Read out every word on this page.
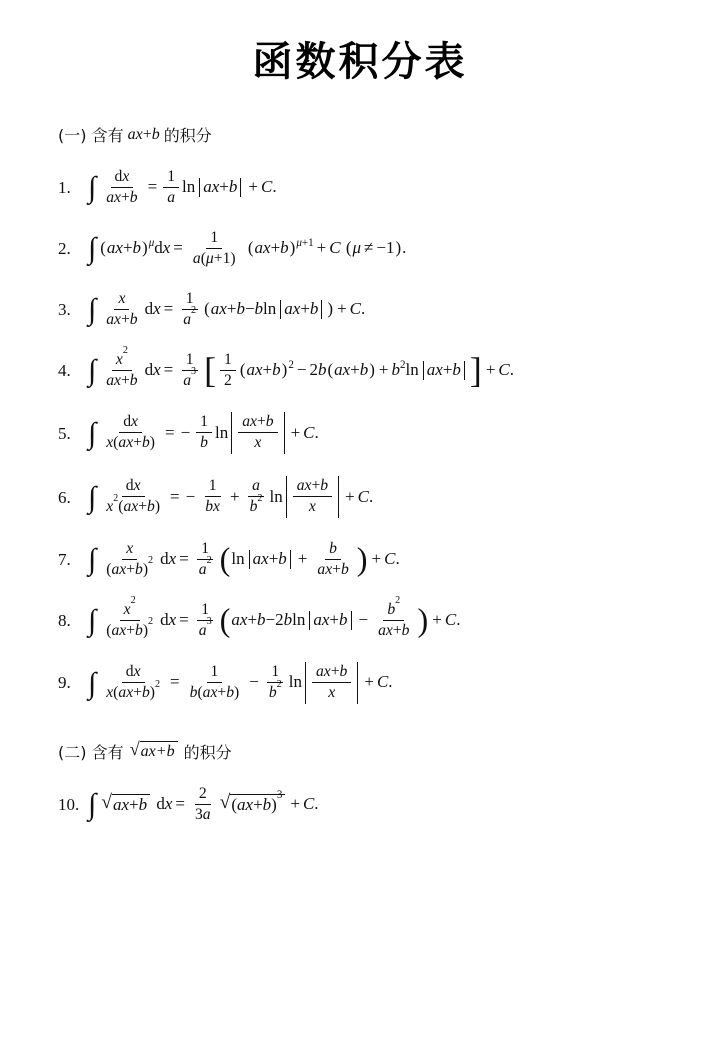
函数积分表
(一) 含有 ax+b 的积分
1. ∫ $\frac{dx}{ax+b} = \frac{1}{a}$ ln ax + b + C .
2. ∫ ( ax + b ) μ d $x = \frac{1}{a(\mu+1)}$ ( ax + b ) μ+1 + C ( μ ≠ −1 ) .
3. ∫ $\frac{x}{ax+b}$ d $x = \frac{1}{a^2}$ ( ax + b − b ln ax + b ) + C .
4. ∫ $\frac{x^2}{ax+b}$ d $x = \frac{1}{a^3}$ [ $\frac{1}{2}$ ( ax + b ) 2 − 2 b ( ax + b ) + b 2 ln ax + b ] + C .
5. ∫ $\frac{dx}{x(ax+b)}$ = − $\frac{1}{b}$ $\ln \frac{ax+b}{x} + C$ .
6. ∫ $\frac{dx}{x^2(ax+b)}$ = − $\frac{1}{bx} + \frac{a}{b^2}$ $\ln \frac{ax+b}{x} + C$ .
7. ∫ $\frac{x}{(ax+b)^2}$ d $x = \frac{1}{a^2}$ ( ln ax + $b + \frac{b}{ax+b}$ ) + C .
8. ∫ $\frac{x^2}{(ax+b)^2}$ d $x = \frac{1}{a^3}$ ( ax + b −2 b ln ax + $b - \frac{b^2}{ax+b}$ ) + C .
9. ∫ $\frac{dx}{x(ax+b)^2} = \frac{1}{b(ax+b)} - \frac{1}{b^2}$ $\ln \frac{ax+b}{x} + C$ .
(二) 含有 √ ax+b 的积分
10. ∫ √ ax+b d $x = \frac{2}{3a}$ √ $(ax+b)^3 + C$ .
